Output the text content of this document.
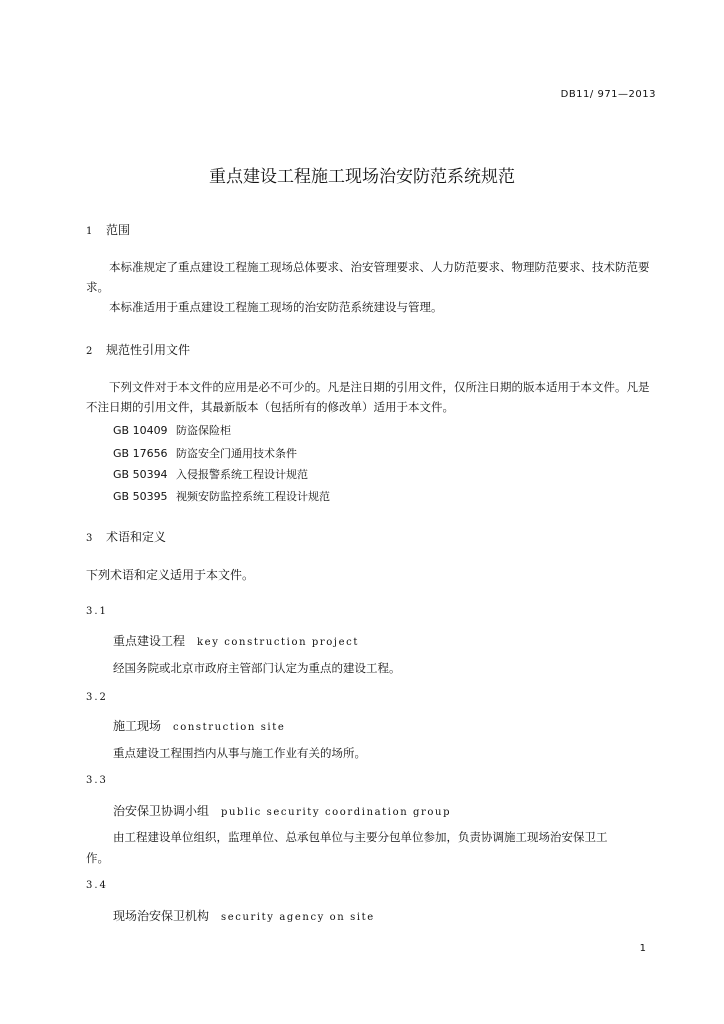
DB11/ 971—2013
重点建设工程施工现场治安防范系统规范
1 范围
本标准规定了重点建设工程施工现场总体要求、治安管理要求、人力防范要求、物理防范要求、技术防范要求。
本标准适用于重点建设工程施工现场的治安防范系统建设与管理。
2 规范性引用文件
下列文件对于本文件的应用是必不可少的。凡是注日期的引用文件，仅所注日期的版本适用于本文件。凡是不注日期的引用文件，其最新版本（包括所有的修改单）适用于本文件。
GB 10409 防盗保险柜
GB 17656 防盗安全门通用技术条件
GB 50394 入侵报警系统工程设计规范
GB 50395 视频安防监控系统工程设计规范
3 术语和定义
下列术语和定义适用于本文件。
3.1
重点建设工程 key construction project
经国务院或北京市政府主管部门认定为重点的建设工程。
3.2
施工现场 construction site
重点建设工程围挡内从事与施工作业有关的场所。
3.3
治安保卫协调小组 public security coordination group
由工程建设单位组织，监理单位、总承包单位与主要分包单位参加，负责协调施工现场治安保卫工
作。
3.4
现场治安保卫机构 security agency on site
1
